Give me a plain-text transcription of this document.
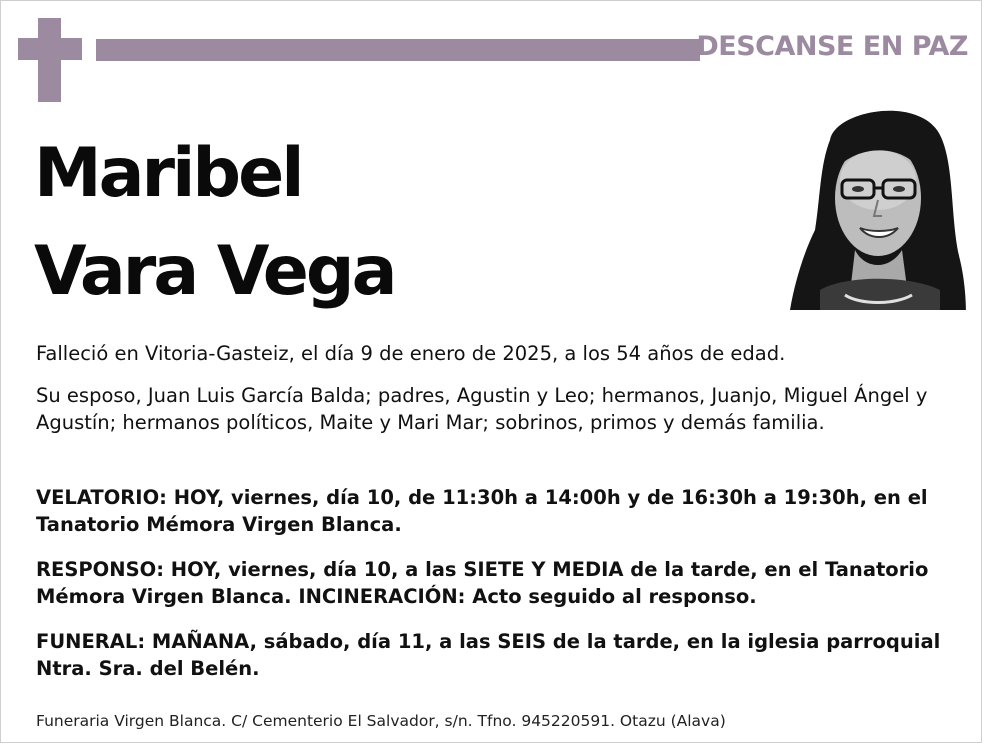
DESCANSE EN PAZ
Maribel
Vara Vega
Falleció en Vitoria-Gasteiz, el día 9 de enero de 2025, a los 54 años de edad.
Su esposo, Juan Luis García Balda; padres, Agustin y Leo; hermanos, Juanjo, Miguel Ángel y Agustín; hermanos políticos, Maite y Mari Mar; sobrinos, primos y demás familia.
VELATORIO: HOY, viernes, día 10, de 11:30h a 14:00h y de 16:30h a 19:30h, en el Tanatorio Mémora Virgen Blanca.
RESPONSO: HOY, viernes, día 10, a las SIETE Y MEDIA de la tarde, en el Tanatorio Mémora Virgen Blanca. INCINERACIÓN: Acto seguido al responso.
FUNERAL: MAÑANA, sábado, día 11, a las SEIS de la tarde, en la iglesia parroquial Ntra. Sra. del Belén.
Funeraria Virgen Blanca. C/ Cementerio El Salvador, s/n. Tfno. 945220591. Otazu (Alava)
